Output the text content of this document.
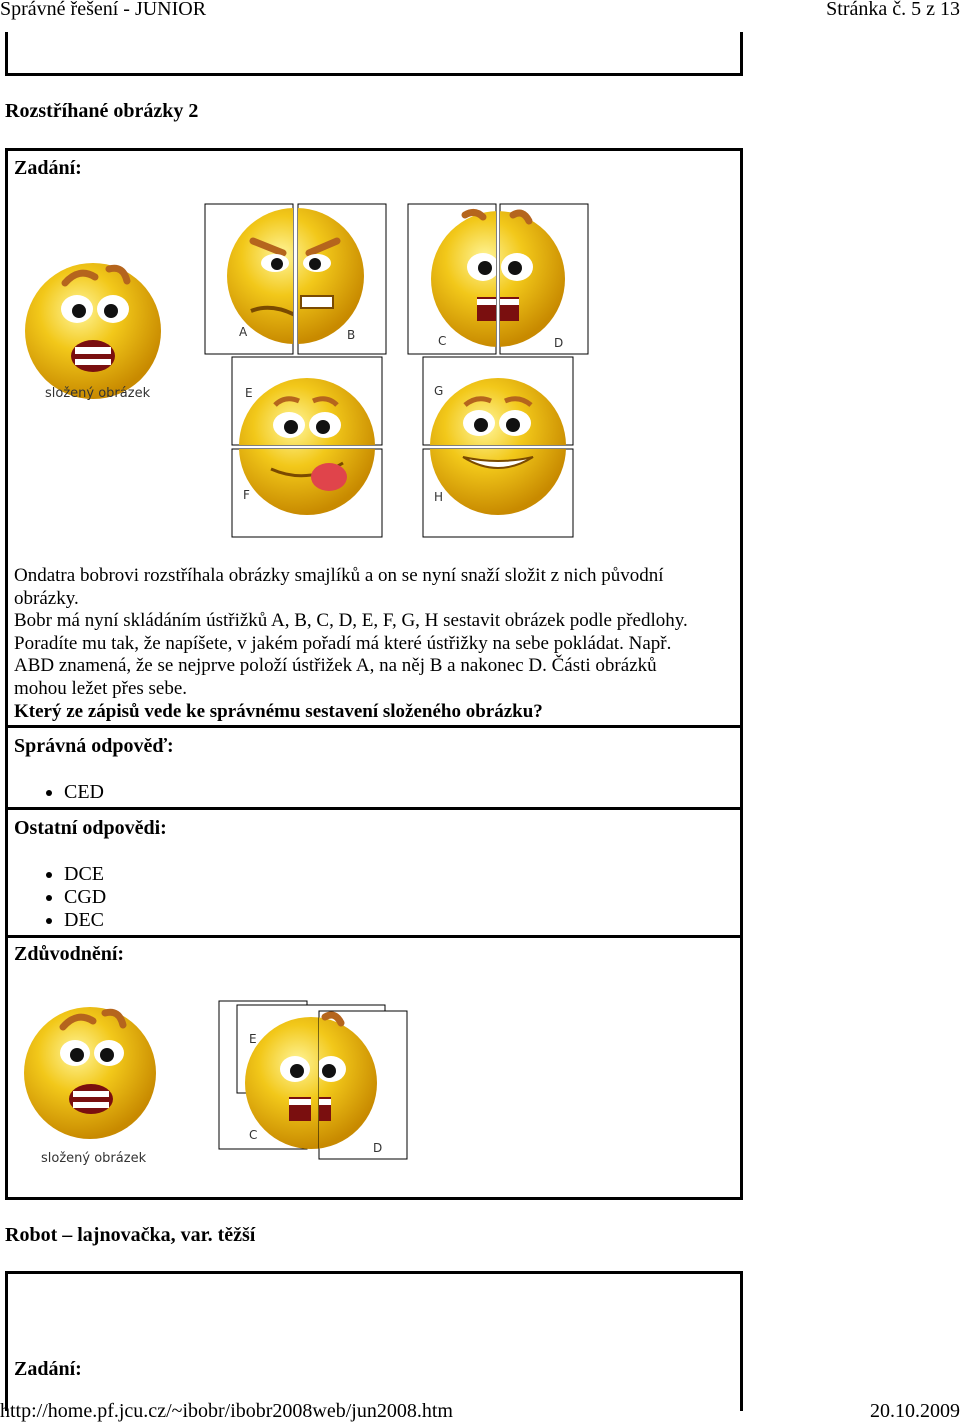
Správné řešení - JUNIOR	Stránka č. 5 z 13
Rozstříhané obrázky 2
Zadání:
složený obrázek
A	B	C	D
E
F
G
H
Ondatra bobrovi rozstříhala obrázky smajlíků a on se nyní snaží složit z nich původní
obrázky.
Bobr má nyní skládáním ústřižků A, B, C, D, E, F, G, H sestavit obrázek podle předlohy.
Poradíte mu tak, že napíšete, v jakém pořadí má které ústřižky na sebe pokládat. Např.
ABD znamená, že se nejprve položí ústřižek A, na něj B a nakonec D. Části obrázků
mohou ležet přes sebe.
Který ze zápisů vede ke správnému sestavení složeného obrázku?
Správná odpověď:
• CED
Ostatní odpovědi:
• DCE
• CGD
• DEC
Zdůvodnění:
složený obrázek
E
C
D
Robot – lajnovačka, var. těžší
Zadání:
http://home.pf.jcu.cz/~ibobr/ibobr2008web/jun2008.htm	20.10.2009
